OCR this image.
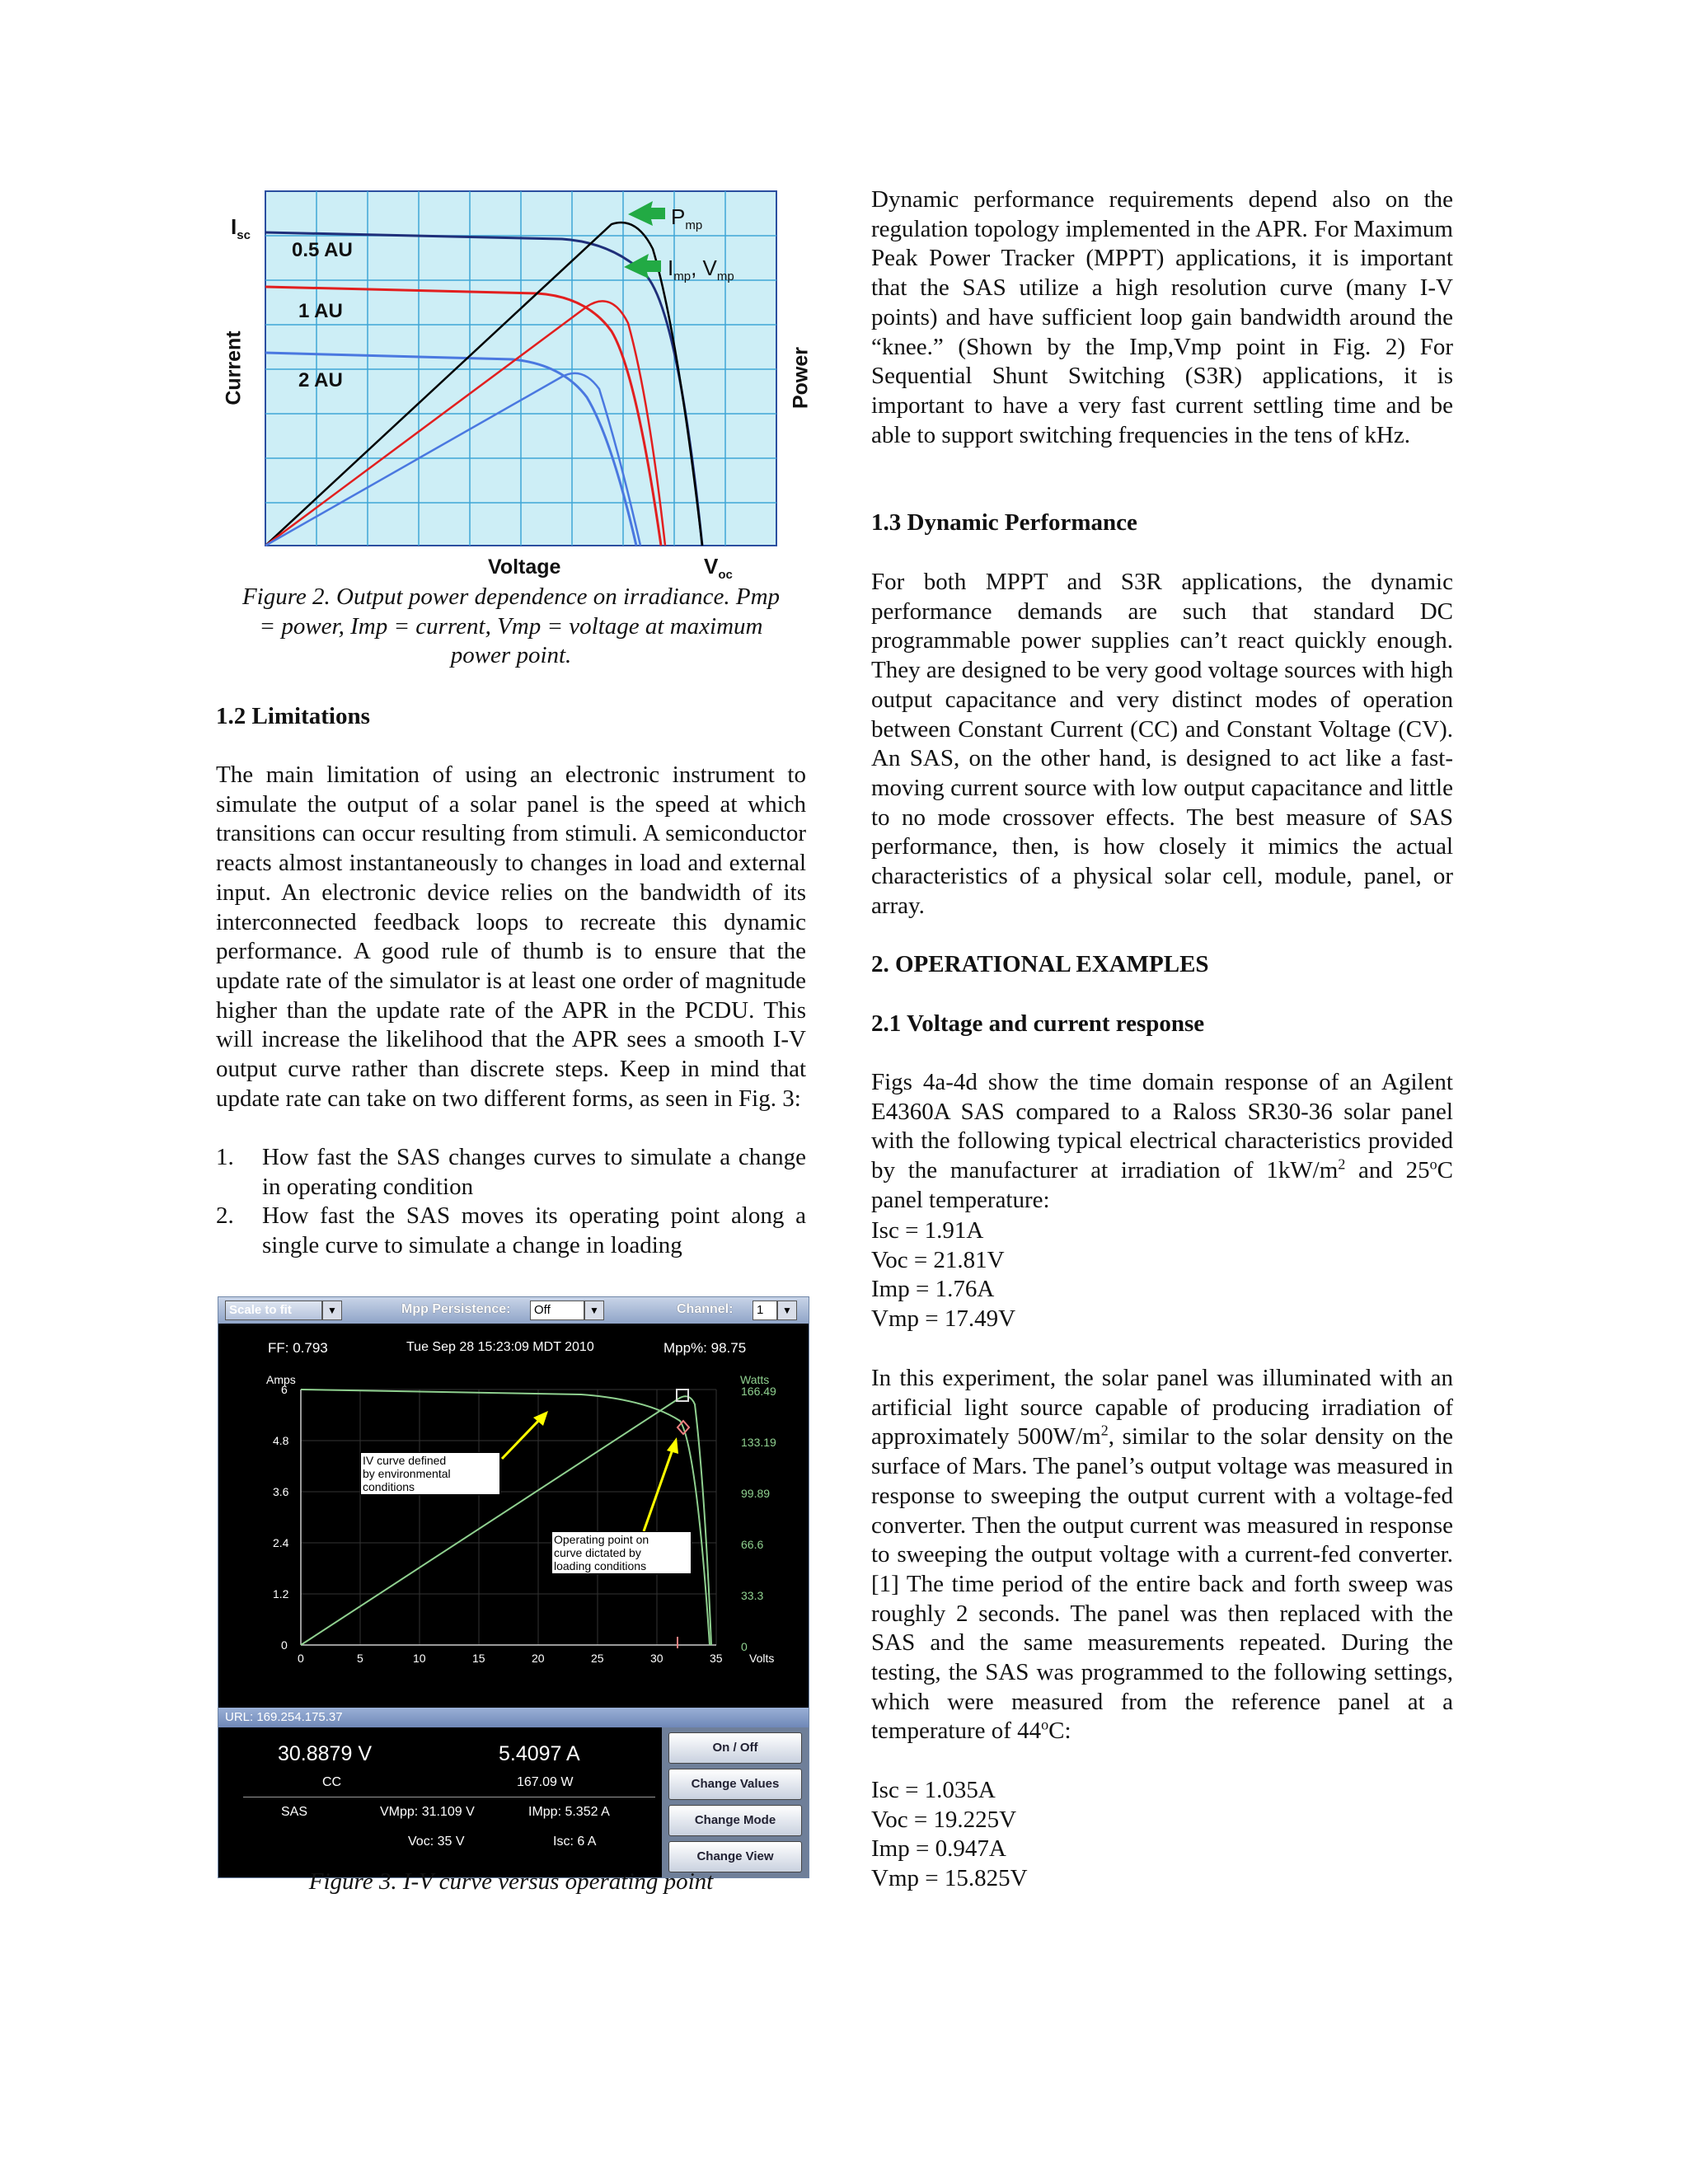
$I_{sc}$
$P_{mp}$
$I_{mp}$, $V_{mp}$
0.5 AU
1 AU
2 AU
Current	Power
Voltage	$V_{oc}$
Figure 2. Output power dependence on irradiance. Pmp = power, Imp = current, Vmp = voltage at maximum power point.
1.2 Limitations

The main limitation of using an electronic instrument to simulate the output of a solar panel is the speed at which transitions can occur resulting from stimuli. A semiconductor reacts almost instantaneously to changes in load and external input. An electronic device relies on the bandwidth of its interconnected feedback loops to recreate this dynamic performance. A good rule of thumb is to ensure that the update rate of the simulator is at least one order of magnitude higher than the update rate of the APR in the PCDU. This will increase the likelihood that the APR sees a smooth I-V output curve rather than discrete steps. Keep in mind that update rate can take on two different forms, as seen in Fig. 3:

1. How fast the SAS changes curves to simulate a change in operating condition
2. How fast the SAS moves its operating point along a single curve to simulate a change in loading
Scale to fit	▼	Mpp Persistence:	Off	▼	Channel:	1	▼
FF: 0.793	Tue Sep 28 15:23:09 MDT 2010	Mpp%: 98.75
Amps	Watts
6
4.8
3.6
2.4
1.2
0
166.49
133.19
99.89
66.6
33.3
0
0	5	10	15	20	25	30	35 Volts
IV curve defined
by environmental
conditions
Operating point on
curve dictated by
loading conditions
URL: 169.254.175.37
30.8879 V	5.4097 A
CC	167.09 W
SAS	VMpp: 31.109 V	IMpp: 5.352 A
Voc: 35 V	Isc: 6 A
On / Off
Change Values
Change Mode
Change View
Figure 3. I-V curve versus operating point

Dynamic performance requirements depend also on the regulation topology implemented in the APR. For Maximum Peak Power Tracker (MPPT) applications, it is important that the SAS utilize a high resolution curve (many I-V points) and have sufficient loop gain bandwidth around the “knee.” (Shown by the Imp,Vmp point in Fig. 2) For Sequential Shunt Switching (S3R) applications, it is important to have a very fast current settling time and be able to support switching frequencies in the tens of kHz.

1.3 Dynamic Performance

For both MPPT and S3R applications, the dynamic performance demands are such that standard DC programmable power supplies can’t react quickly enough. They are designed to be very good voltage sources with high output capacitance and very distinct modes of operation between Constant Current (CC) and Constant Voltage (CV). An SAS, on the other hand, is designed to act like a fast-moving current source with low output capacitance and little to no mode crossover effects. The best measure of SAS performance, then, is how closely it mimics the actual characteristics of a physical solar cell, module, panel, or array.

2. OPERATIONAL EXAMPLES
2.1 Voltage and current response

Figs 4a-4d show the time domain response of an Agilent E4360A SAS compared to a Raloss SR30-36 solar panel with the following typical electrical characteristics provided by the manufacturer at irradiation of $1kW/m^2$ and 25$^o$C panel temperature:

Isc = 1.91A
Voc = 21.81V
Imp = 1.76A
Vmp = 17.49V

In this experiment, the solar panel was illuminated with an artificial light source capable of producing irradiation of approximately $500W/m^2$, similar to the solar density on the surface of Mars. The panel’s output voltage was measured in response to sweeping the output current with a voltage-fed converter. Then the output current was measured in response to sweeping the output voltage with a current-fed converter. [1] The time period of the entire back and forth sweep was roughly 2 seconds. The panel was then replaced with the SAS and the same measurements repeated. During the testing, the SAS was programmed to the following settings, which were measured from the reference panel at a temperature of 44$^o$C:

Isc = 1.035A
Voc = 19.225V
Imp = 0.947A
Vmp = 15.825V
